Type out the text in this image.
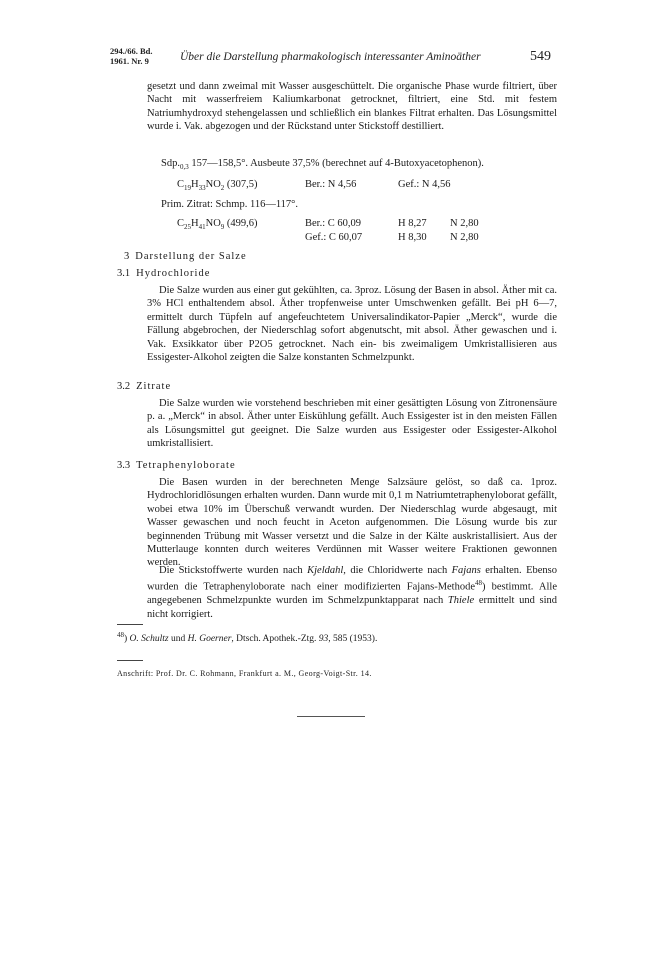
294./66. Bd.
1961. Nr. 9	Über die Darstellung pharmakologisch interessanter Aminoäther	549
gesetzt und dann zweimal mit Wasser ausgeschüttelt. Die organische Phase wurde filtriert, über Nacht mit wasserfreiem Kaliumkarbonat getrocknet, filtriert, eine Std. mit festem Natriumhydroxyd stehengelassen und schließlich ein blankes Filtrat erhalten. Das Lösungsmittel wurde i. Vak. abgezogen und der Rückstand unter Stickstoff destilliert.
$Sdp._{0,3}$ 157—158,5°. Ausbeute 37,5% (berechnet auf 4-Butoxyacetophenon).
$C_{19}H_{33}NO_2$ (307,5)	Ber.: N 4,56	Gef.: N 4,56
Prim. Zitrat: Schmp. 116—117°.
$C_{25}H_{41}NO_9$ (499,6)	Ber.: C 60,09	H 8,27 N 2,80
Gef.: C 60,07	H 8,30 N 2,80
3 Darstellung der Salze
3.1 Hydrochloride
Die Salze wurden aus einer gut gekühlten, ca. 3proz. Lösung der Basen in absol. Äther mit ca. 3% HCl enthaltendem absol. Äther tropfenweise unter Umschwenken gefällt. Bei pH 6—7, ermittelt durch Tüpfeln auf angefeuchtetem Universalindikator-Papier „Merck“, wurde die Fällung abgebrochen, der Niederschlag sofort abgenutscht, mit absol. Äther gewaschen und i. Vak. Exsikkator über P2O5 getrocknet. Nach ein- bis zweimaligem Umkristallisieren aus Essigester-Alkohol zeigten die Salze konstanten Schmelzpunkt.
3.2 Zitrate
Die Salze wurden wie vorstehend beschrieben mit einer gesättigten Lösung von Zitronensäure p. a. „Merck“ in absol. Äther unter Eiskühlung gefällt. Auch Essigester ist in den meisten Fällen als Lösungsmittel gut geeignet. Die Salze wurden aus Essigester oder Essigester-Alkohol umkristallisiert.
3.3 Tetraphenyloborate
Die Basen wurden in der berechneten Menge Salzsäure gelöst, so daß ca. 1proz. Hydrochloridlösungen erhalten wurden. Dann wurde mit 0,1 m Natriumtetraphenyloborat gefällt, wobei etwa 10% im Überschuß verwandt wurden. Der Niederschlag wurde abgesaugt, mit Wasser gewaschen und noch feucht in Aceton aufgenommen. Die Lösung wurde bis zur beginnenden Trübung mit Wasser versetzt und die Salze in der Kälte auskristallisiert. Aus der Mutterlauge konnten durch weiteres Verdünnen mit Wasser weitere Fraktionen gewonnen werden.
Die Stickstoffwerte wurden nach Kjeldahl, die Chloridwerte nach Fajans erhalten. Ebenso wurden die Tetraphenyloborate nach einer modifizierten Fajans-Methode$^{48}$) bestimmt. Alle angegebenen Schmelzpunkte wurden im Schmelzpunktapparat nach Thiele ermittelt und sind nicht korrigiert.
$^{48}$) O. Schultz und H. Goerner, Dtsch. Apothek.-Ztg. 93, 585 (1953).
Anschrift: Prof. Dr. C. Rohmann, Frankfurt a. M., Georg-Voigt-Str. 14.
